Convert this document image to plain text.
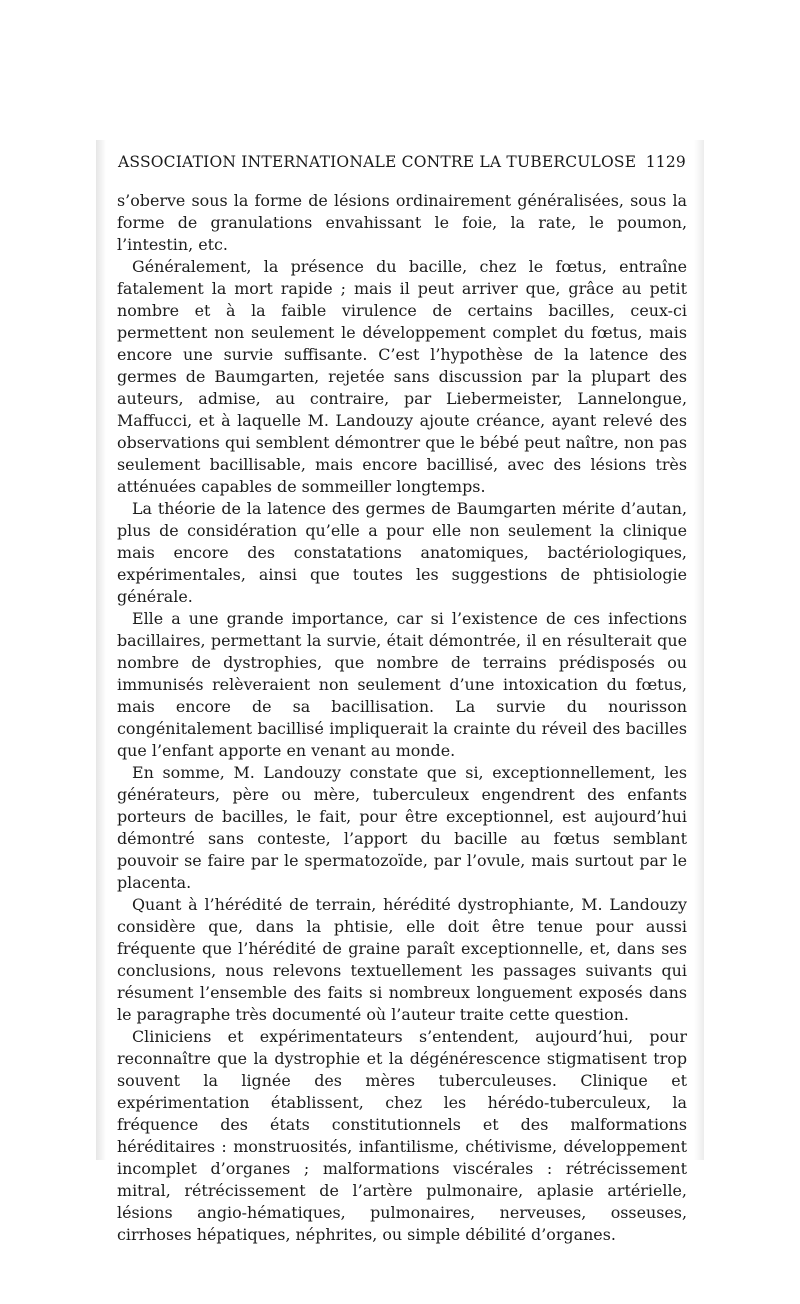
ASSOCIATION INTERNATIONALE CONTRE LA TUBERCULOSE 1129

s’oberve sous la forme de lésions ordinairement généralisées, sous la forme de granulations envahissant le foie, la rate, le poumon, l’intestin, etc.

Généralement, la présence du bacille, chez le fœtus, entraîne fatalement la mort rapide ; mais il peut arriver que, grâce au petit nombre et à la faible virulence de certains bacilles, ceux-ci permettent non seulement le développement complet du fœtus, mais encore une survie suffisante. C’est l’hypothèse de la latence des germes de Baumgarten, rejetée sans discussion par la plupart des auteurs, admise, au contraire, par Liebermeister, Lannelongue, Maffucci, et à laquelle M. Landouzy ajoute créance, ayant relevé des observations qui semblent démontrer que le bébé peut naître, non pas seulement bacillisable, mais encore bacillisé, avec des lésions très atténuées capables de sommeiller longtemps.

La théorie de la latence des germes de Baumgarten mérite d’autan, plus de considération qu’elle a pour elle non seulement la clinique mais encore des constatations anatomiques, bactériologiques, expérimentales, ainsi que toutes les suggestions de phtisiologie générale.

Elle a une grande importance, car si l’existence de ces infections bacillaires, permettant la survie, était démontrée, il en résulterait que nombre de dystrophies, que nombre de terrains prédisposés ou immunisés relèveraient non seulement d’une intoxication du fœtus, mais encore de sa bacillisation. La survie du nourisson congénitalement bacillisé impliquerait la crainte du réveil des bacilles que l’enfant apporte en venant au monde.

En somme, M. Landouzy constate que si, exceptionnellement, les générateurs, père ou mère, tuberculeux engendrent des enfants porteurs de bacilles, le fait, pour être exceptionnel, est aujourd’hui démontré sans conteste, l’apport du bacille au fœtus semblant pouvoir se faire par le spermatozoïde, par l’ovule, mais surtout par le placenta.

Quant à l’hérédité de terrain, hérédité dystrophiante, M. Landouzy considère que, dans la phtisie, elle doit être tenue pour aussi fréquente que l’hérédité de graine paraît exceptionnelle, et, dans ses conclusions, nous relevons textuellement les passages suivants qui résument l’ensemble des faits si nombreux longuement exposés dans le paragraphe très documenté où l’auteur traite cette question.

Cliniciens et expérimentateurs s’entendent, aujourd’hui, pour reconnaître que la dystrophie et la dégénérescence stigmatisent trop souvent la lignée des mères tuberculeuses. Clinique et expérimentation établissent, chez les hérédo-tuberculeux, la fréquence des états constitutionnels et des malformations héréditaires : monstruosités, infantilisme, chétivisme, développement incomplet d’organes ; malformations viscérales : rétrécissement mitral, rétrécissement de l’artère pulmonaire, aplasie artérielle, lésions angio-hématiques, pulmonaires, nerveuses, osseuses, cirrhoses hépatiques, néphrites, ou simple débilité d’organes.
